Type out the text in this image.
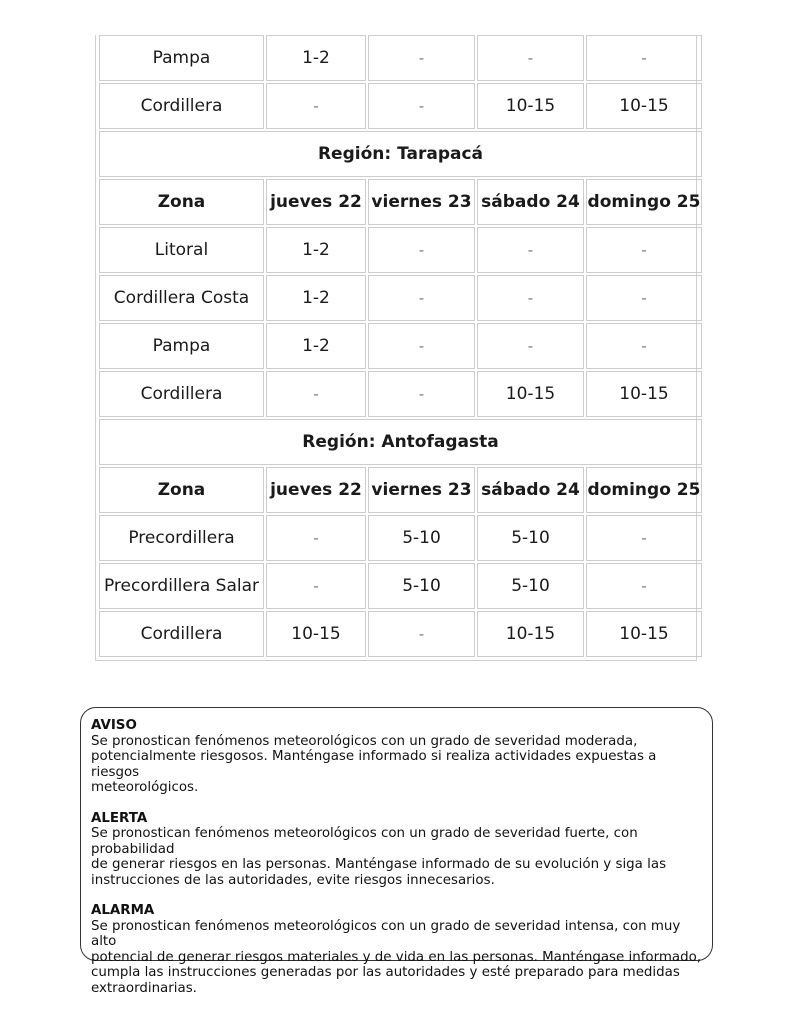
Pampa	1-2	-	-	-
Cordillera	-	-	10-15	10-15
Región: Tarapacá				
Zona	jueves 22	viernes 23	sábado 24	domingo 25
Litoral	1-2	-	-	-
Cordillera Costa	1-2	-	-	-
Pampa	1-2	-	-	-
Cordillera	-	-	10-15	10-15
Región: Antofagasta				
Zona	jueves 22	viernes 23	sábado 24	domingo 25
Precordillera	-	5-10	5-10	-
Precordillera Salar	-	5-10	5-10	-
Cordillera	10-15	-	10-15	10-15
AVISO
Se pronostican fenómenos meteorológicos con un grado de severidad moderada,
potencialmente riesgosos. Manténgase informado si realiza actividades expuestas a riesgos
meteorológicos.
ALERTA
Se pronostican fenómenos meteorológicos con un grado de severidad fuerte, con probabilidad
de generar riesgos en las personas. Manténgase informado de su evolución y siga las
instrucciones de las autoridades, evite riesgos innecesarios.
ALARMA
Se pronostican fenómenos meteorológicos con un grado de severidad intensa, con muy alto
potencial de generar riesgos materiales y de vida en las personas. Manténgase informado,
cumpla las instrucciones generadas por las autoridades y esté preparado para medidas
extraordinarias.
